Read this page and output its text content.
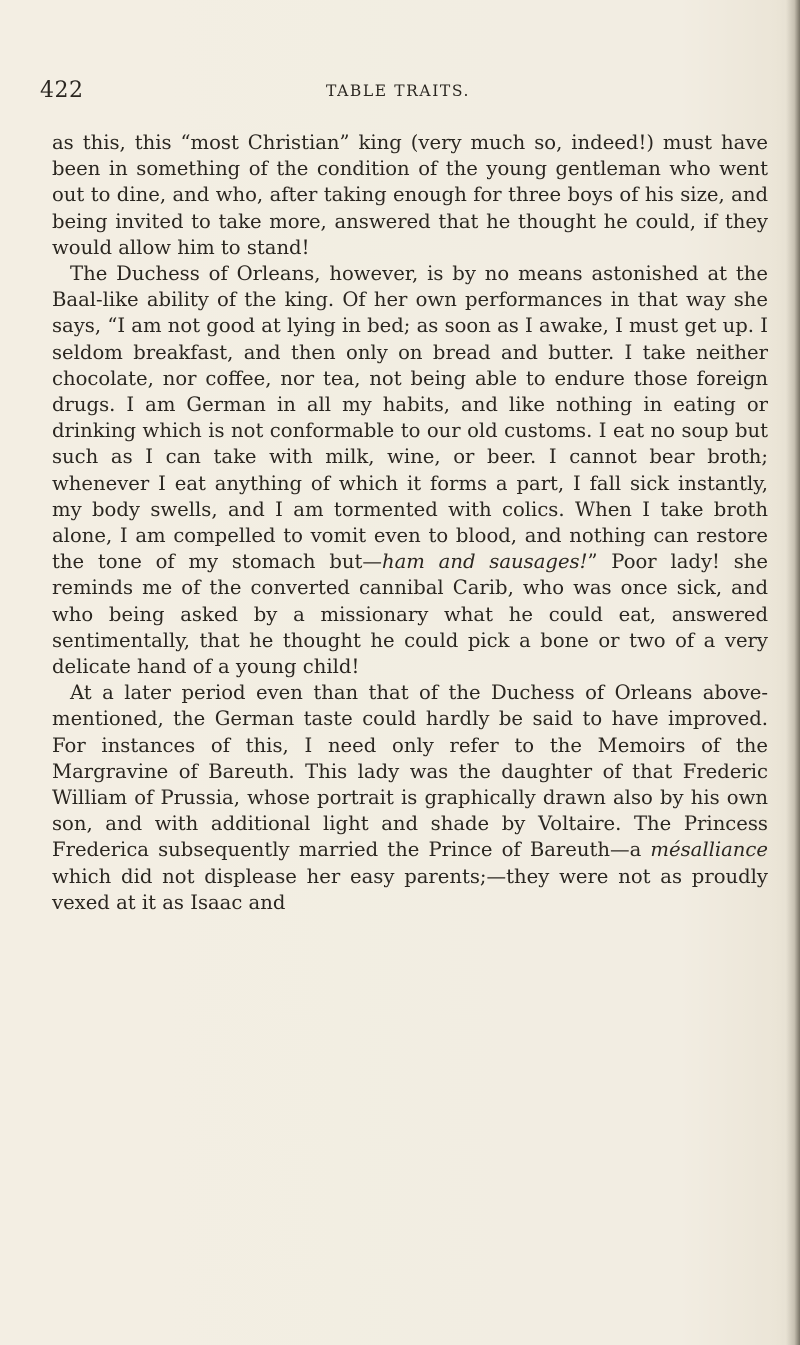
422	TABLE TRAITS.

as this, this “most Christian” king (very much so, indeed!) must have been in something of the condition of the young gentleman who went out to dine, and who, after taking enough for three boys of his size, and being invited to take more, answered that he thought he could, if they would allow him to stand!

The Duchess of Orleans, however, is by no means astonished at the Baal-like ability of the king. Of her own performances in that way she says, “I am not good at lying in bed; as soon as I awake, I must get up. I seldom breakfast, and then only on bread and butter. I take neither chocolate, nor coffee, nor tea, not being able to endure those foreign drugs. I am German in all my habits, and like nothing in eating or drinking which is not conformable to our old customs. I eat no soup but such as I can take with milk, wine, or beer. I cannot bear broth; whenever I eat anything of which it forms a part, I fall sick instantly, my body swells, and I am tormented with colics. When I take broth alone, I am compelled to vomit even to blood, and nothing can restore the tone of my stomach but—ham and sausages!” Poor lady! she reminds me of the converted cannibal Carib, who was once sick, and who being asked by a missionary what he could eat, answered sentimentally, that he thought he could pick a bone or two of a very delicate hand of a young child!

At a later period even than that of the Duchess of Orleans above-mentioned, the German taste could hardly be said to have improved. For instances of this, I need only refer to the Memoirs of the Margravine of Bareuth. This lady was the daughter of that Frederic William of Prussia, whose portrait is graphically drawn also by his own son, and with additional light and shade by Voltaire. The Princess Frederica subsequently married the Prince of Bareuth—a mésalliance which did not displease her easy parents;—they were not as proudly vexed at it as Isaac and
